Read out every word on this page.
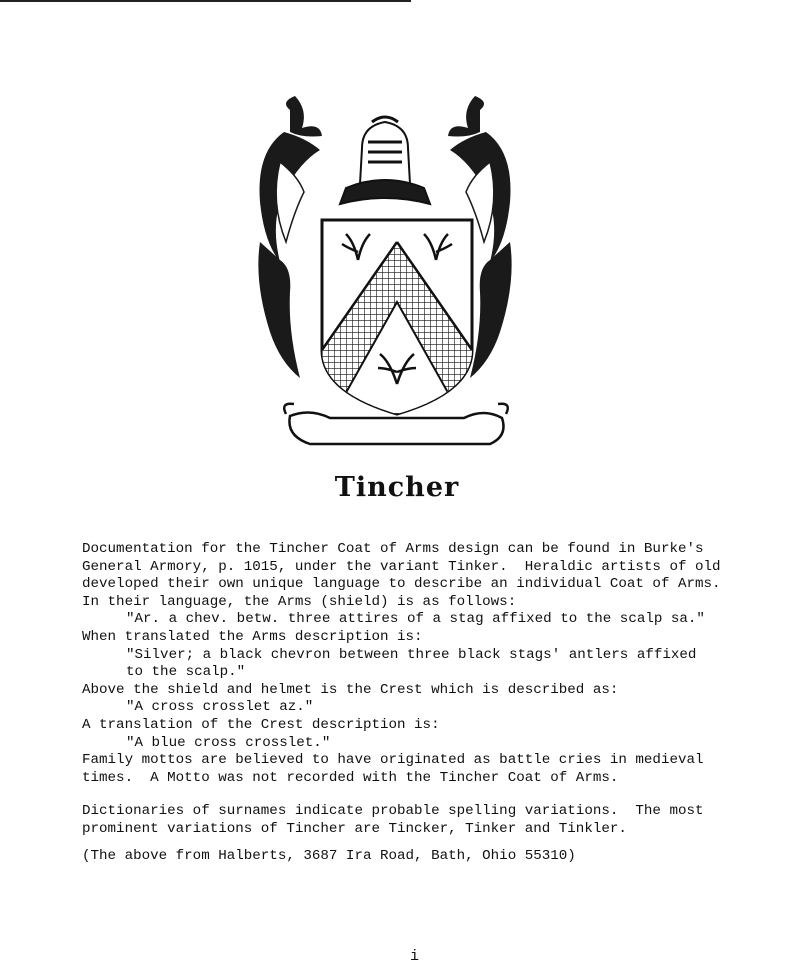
Tincher
Documentation for the Tincher Coat of Arms design can be found in Burke's
General Armory, p. 1015, under the variant Tinker.  Heraldic artists of old
developed their own unique language to describe an individual Coat of Arms.
In their language, the Arms (shield) is as follows:
"Ar. a chev. betw. three attires of a stag affixed to the scalp sa."
When translated the Arms description is:
"Silver; a black chevron between three black stags' antlers affixed
to the scalp."
Above the shield and helmet is the Crest which is described as:
"A cross crosslet az."
A translation of the Crest description is:
"A blue cross crosslet."
Family mottos are believed to have originated as battle cries in medieval
times.  A Motto was not recorded with the Tincher Coat of Arms.
Dictionaries of surnames indicate probable spelling variations.  The most
prominent variations of Tincher are Tincker, Tinker and Tinkler.
(The above from Halberts, 3687 Ira Road, Bath, Ohio 55310)
i
